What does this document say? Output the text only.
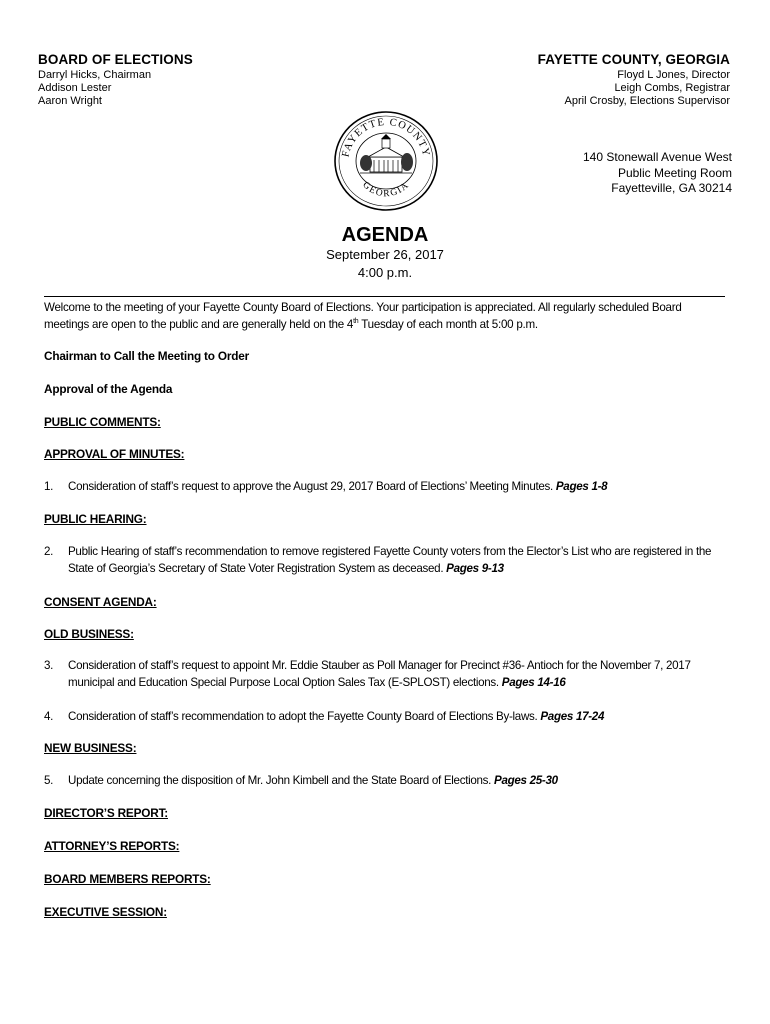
BOARD OF ELECTIONS
Darryl Hicks, Chairman
Addison Lester
Aaron Wright
FAYETTE COUNTY, GEORGIA
Floyd L Jones, Director
Leigh Combs, Registrar
April Crosby, Elections Supervisor
FAYETTE COUNTY
GEORGIA
140 Stonewall Avenue West
Public Meeting Room
Fayetteville, GA 30214
AGENDA
September 26, 2017
4:00 p.m.
Welcome to the meeting of your Fayette County Board of Elections. Your participation is appreciated. All regularly scheduled Board
meetings are open to the public and are generally held on the 4th Tuesday of each month at 5:00 p.m.
Chairman to Call the Meeting to Order
Approval of the Agenda
PUBLIC COMMENTS:
APPROVAL OF MINUTES:
1. Consideration of staff’s request to approve the August 29, 2017 Board of Elections’ Meeting Minutes. Pages 1-8
PUBLIC HEARING:
2. Public Hearing of staff’s recommendation to remove registered Fayette County voters from the Elector’s List who are registered in the State of Georgia’s Secretary of State Voter Registration System as deceased. Pages 9-13
CONSENT AGENDA:
OLD BUSINESS:
3. Consideration of staff’s request to appoint Mr. Eddie Stauber as Poll Manager for Precinct #36- Antioch for the November 7, 2017 municipal and Education Special Purpose Local Option Sales Tax (E-SPLOST) elections. Pages 14-16
4. Consideration of staff’s recommendation to adopt the Fayette County Board of Elections By-laws. Pages 17-24
NEW BUSINESS:
5. Update concerning the disposition of Mr. John Kimbell and the State Board of Elections. Pages 25-30
DIRECTOR’S REPORT:
ATTORNEY’S REPORTS:
BOARD MEMBERS REPORTS:
EXECUTIVE SESSION:
